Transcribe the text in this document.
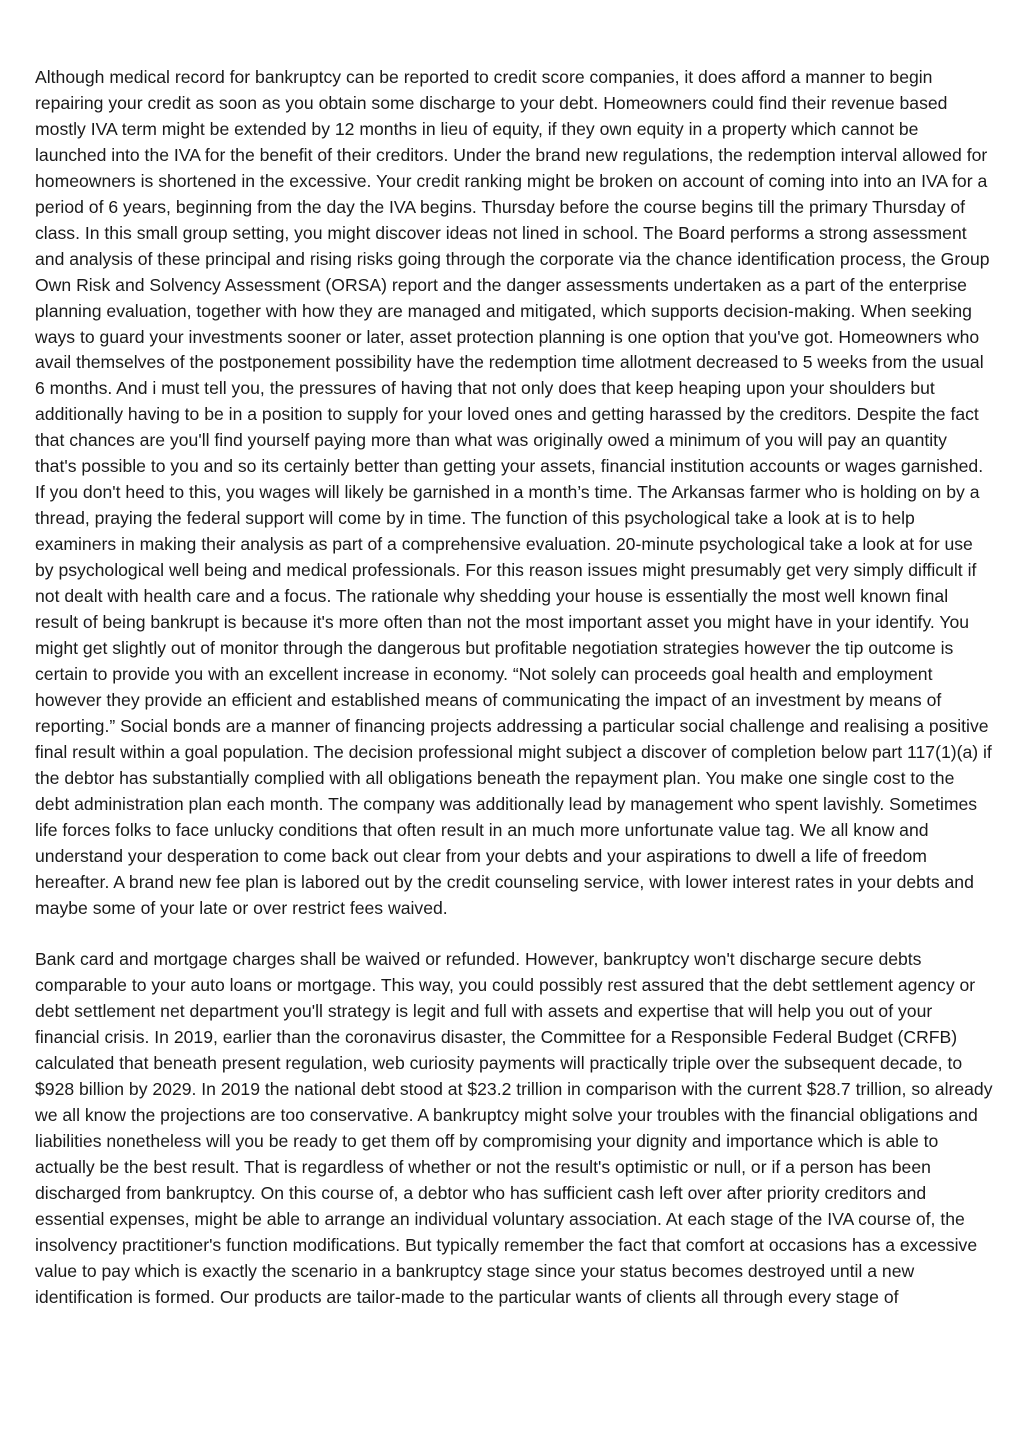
Although medical record for bankruptcy can be reported to credit score companies, it does afford a manner to begin repairing your credit as soon as you obtain some discharge to your debt. Homeowners could find their revenue based mostly IVA term might be extended by 12 months in lieu of equity, if they own equity in a property which cannot be launched into the IVA for the benefit of their creditors. Under the brand new regulations, the redemption interval allowed for homeowners is shortened in the excessive. Your credit ranking might be broken on account of coming into into an IVA for a period of 6 years, beginning from the day the IVA begins. Thursday before the course begins till the primary Thursday of class. In this small group setting, you might discover ideas not lined in school. The Board performs a strong assessment and analysis of these principal and rising risks going through the corporate via the chance identification process, the Group Own Risk and Solvency Assessment (ORSA) report and the danger assessments undertaken as a part of the enterprise planning evaluation, together with how they are managed and mitigated, which supports decision-making. When seeking ways to guard your investments sooner or later, asset protection planning is one option that you've got. Homeowners who avail themselves of the postponement possibility have the redemption time allotment decreased to 5 weeks from the usual 6 months. And i must tell you, the pressures of having that not only does that keep heaping upon your shoulders but additionally having to be in a position to supply for your loved ones and getting harassed by the creditors. Despite the fact that chances are you'll find yourself paying more than what was originally owed a minimum of you will pay an quantity that's possible to you and so its certainly better than getting your assets, financial institution accounts or wages garnished. If you don't heed to this, you wages will likely be garnished in a month’s time. The Arkansas farmer who is holding on by a thread, praying the federal support will come by in time. The function of this psychological take a look at is to help examiners in making their analysis as part of a comprehensive evaluation. 20-minute psychological take a look at for use by psychological well being and medical professionals. For this reason issues might presumably get very simply difficult if not dealt with health care and a focus. The rationale why shedding your house is essentially the most well known final result of being bankrupt is because it's more often than not the most important asset you might have in your identify. You might get slightly out of monitor through the dangerous but profitable negotiation strategies however the tip outcome is certain to provide you with an excellent increase in economy. “Not solely can proceeds goal health and employment however they provide an efficient and established means of communicating the impact of an investment by means of reporting.” Social bonds are a manner of financing projects addressing a particular social challenge and realising a positive final result within a goal population. The decision professional might subject a discover of completion below part 117(1)(a) if the debtor has substantially complied with all obligations beneath the repayment plan. You make one single cost to the debt administration plan each month. The company was additionally lead by management who spent lavishly. Sometimes life forces folks to face unlucky conditions that often result in an much more unfortunate value tag. We all know and understand your desperation to come back out clear from your debts and your aspirations to dwell a life of freedom hereafter. A brand new fee plan is labored out by the credit counseling service, with lower interest rates in your debts and maybe some of your late or over restrict fees waived.

Bank card and mortgage charges shall be waived or refunded. However, bankruptcy won't discharge secure debts comparable to your auto loans or mortgage. This way, you could possibly rest assured that the debt settlement agency or debt settlement net department you'll strategy is legit and full with assets and expertise that will help you out of your financial crisis. In 2019, earlier than the coronavirus disaster, the Committee for a Responsible Federal Budget (CRFB) calculated that beneath present regulation, web curiosity payments will practically triple over the subsequent decade, to $928 billion by 2029. In 2019 the national debt stood at $23.2 trillion in comparison with the current $28.7 trillion, so already we all know the projections are too conservative. A bankruptcy might solve your troubles with the financial obligations and liabilities nonetheless will you be ready to get them off by compromising your dignity and importance which is able to actually be the best result. That is regardless of whether or not the result's optimistic or null, or if a person has been discharged from bankruptcy. On this course of, a debtor who has sufficient cash left over after priority creditors and essential expenses, might be able to arrange an individual voluntary association. At each stage of the IVA course of, the insolvency practitioner's function modifications. But typically remember the fact that comfort at occasions has a excessive value to pay which is exactly the scenario in a bankruptcy stage since your status becomes destroyed until a new identification is formed. Our products are tailor-made to the particular wants of clients all through every stage of
